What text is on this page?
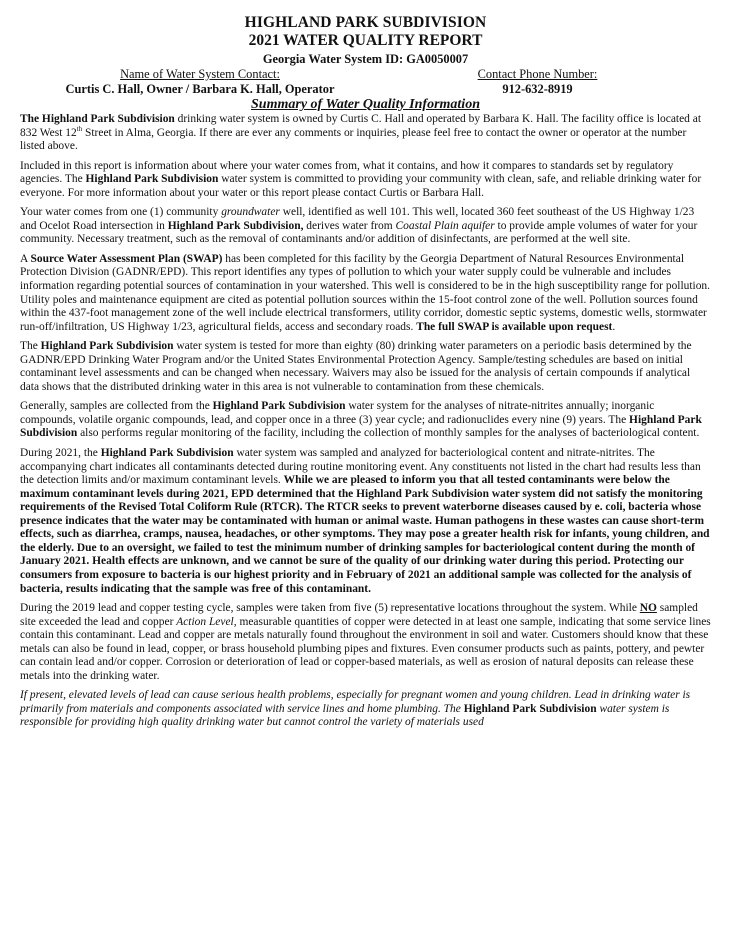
HIGHLAND PARK SUBDIVISION
2021 WATER QUALITY REPORT
Georgia Water System ID: GA0050007
Name of Water System Contact:	Contact Phone Number:
Curtis C. Hall, Owner / Barbara K. Hall, Operator	912-632-8919
Summary of Water Quality Information

The Highland Park Subdivision drinking water system is owned by Curtis C. Hall and operated by Barbara K. Hall. The facility office is located at 832 West 12th Street in Alma, Georgia. If there are ever any comments or inquiries, please feel free to contact the owner or operator at the number listed above.

Included in this report is information about where your water comes from, what it contains, and how it compares to standards set by regulatory agencies. The Highland Park Subdivision water system is committed to providing your community with clean, safe, and reliable drinking water for everyone. For more information about your water or this report please contact Curtis or Barbara Hall.

Your water comes from one (1) community groundwater well, identified as well 101. This well, located 360 feet southeast of the US Highway 1/23 and Ocelot Road intersection in Highland Park Subdivision, derives water from Coastal Plain aquifer to provide ample volumes of water for your community. Necessary treatment, such as the removal of contaminants and/or addition of disinfectants, are performed at the well site.

A Source Water Assessment Plan (SWAP) has been completed for this facility by the Georgia Department of Natural Resources Environmental Protection Division (GADNR/EPD). This report identifies any types of pollution to which your water supply could be vulnerable and includes information regarding potential sources of contamination in your watershed. This well is considered to be in the high susceptibility range for pollution. Utility poles and maintenance equipment are cited as potential pollution sources within the 15-foot control zone of the well. Pollution sources found within the 437-foot management zone of the well include electrical transformers, utility corridor, domestic septic systems, domestic wells, stormwater run-off/infiltration, US Highway 1/23, agricultural fields, access and secondary roads. The full SWAP is available upon request.

The Highland Park Subdivision water system is tested for more than eighty (80) drinking water parameters on a periodic basis determined by the GADNR/EPD Drinking Water Program and/or the United States Environmental Protection Agency. Sample/testing schedules are based on initial contaminant level assessments and can be changed when necessary. Waivers may also be issued for the analysis of certain compounds if analytical data shows that the distributed drinking water in this area is not vulnerable to contamination from these chemicals.

Generally, samples are collected from the Highland Park Subdivision water system for the analyses of nitrate-nitrites annually; inorganic compounds, volatile organic compounds, lead, and copper once in a three (3) year cycle; and radionuclides every nine (9) years. The Highland Park Subdivision also performs regular monitoring of the facility, including the collection of monthly samples for the analyses of bacteriological content.

During 2021, the Highland Park Subdivision water system was sampled and analyzed for bacteriological content and nitrate-nitrites. The accompanying chart indicates all contaminants detected during routine monitoring event. Any constituents not listed in the chart had results less than the detection limits and/or maximum contaminant levels. While we are pleased to inform you that all tested contaminants were below the maximum contaminant levels during 2021, EPD determined that the Highland Park Subdivision water system did not satisfy the monitoring requirements of the Revised Total Coliform Rule (RTCR). The RTCR seeks to prevent waterborne diseases caused by e. coli, bacteria whose presence indicates that the water may be contaminated with human or animal waste. Human pathogens in these wastes can cause short-term effects, such as diarrhea, cramps, nausea, headaches, or other symptoms. They may pose a greater health risk for infants, young children, and the elderly. Due to an oversight, we failed to test the minimum number of drinking samples for bacteriological content during the month of January 2021. Health effects are unknown, and we cannot be sure of the quality of our drinking water during this period. Protecting our consumers from exposure to bacteria is our highest priority and in February of 2021 an additional sample was collected for the analysis of bacteria, results indicating that the sample was free of this contaminant.

During the 2019 lead and copper testing cycle, samples were taken from five (5) representative locations throughout the system. While NO sampled site exceeded the lead and copper Action Level, measurable quantities of copper were detected in at least one sample, indicating that some service lines contain this contaminant. Lead and copper are metals naturally found throughout the environment in soil and water. Customers should know that these metals can also be found in lead, copper, or brass household plumbing pipes and fixtures. Even consumer products such as paints, pottery, and pewter can contain lead and/or copper. Corrosion or deterioration of lead or copper-based materials, as well as erosion of natural deposits can release these metals into the drinking water.

If present, elevated levels of lead can cause serious health problems, especially for pregnant women and young children. Lead in drinking water is primarily from materials and components associated with service lines and home plumbing. The Highland Park Subdivision water system is responsible for providing high quality drinking water but cannot control the variety of materials used
